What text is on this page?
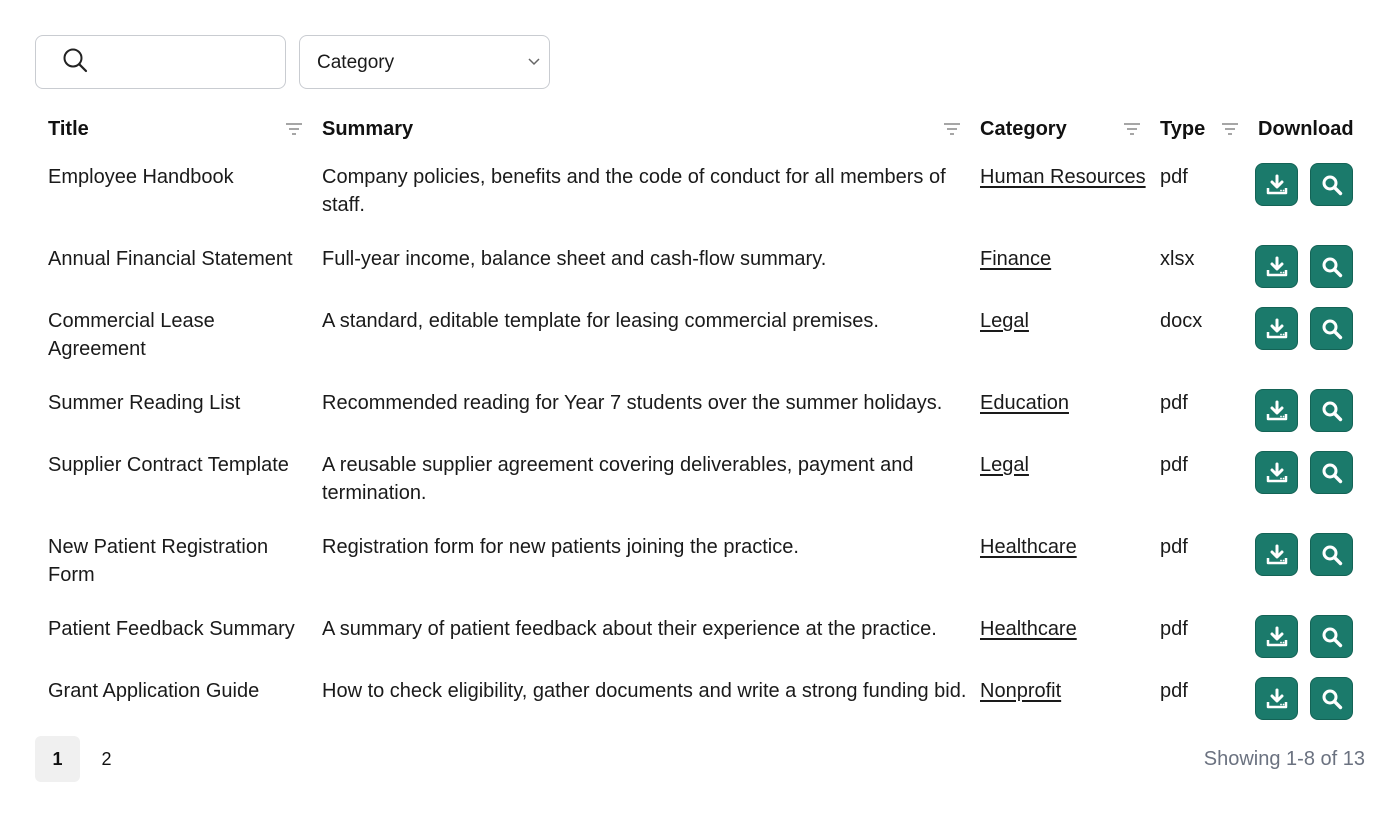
Category
Title	Summary	Category	Type	Download
Employee Handbook	Company policies, benefits and the code of conduct for all members of staff.	Human Resources	pdf	

Annual Financial Statement	Full-year income, balance sheet and cash-flow summary.	Finance	xlsx	

Commercial Lease Agreement	A standard, editable template for leasing commercial premises.	Legal	docx	

Summer Reading List	Recommended reading for Year 7 students over the summer holidays.	Education	pdf	

Supplier Contract Template	A reusable supplier agreement covering deliverables, payment and termination.	Legal	pdf	

New Patient Registration Form	Registration form for new patients joining the practice.	Healthcare	pdf	

Patient Feedback Summary	A summary of patient feedback about their experience at the practice.	Healthcare	pdf	

Grant Application Guide	How to check eligibility, gather documents and write a strong funding bid.	Nonprofit	pdf	
1	2	Showing 1-8 of 13
